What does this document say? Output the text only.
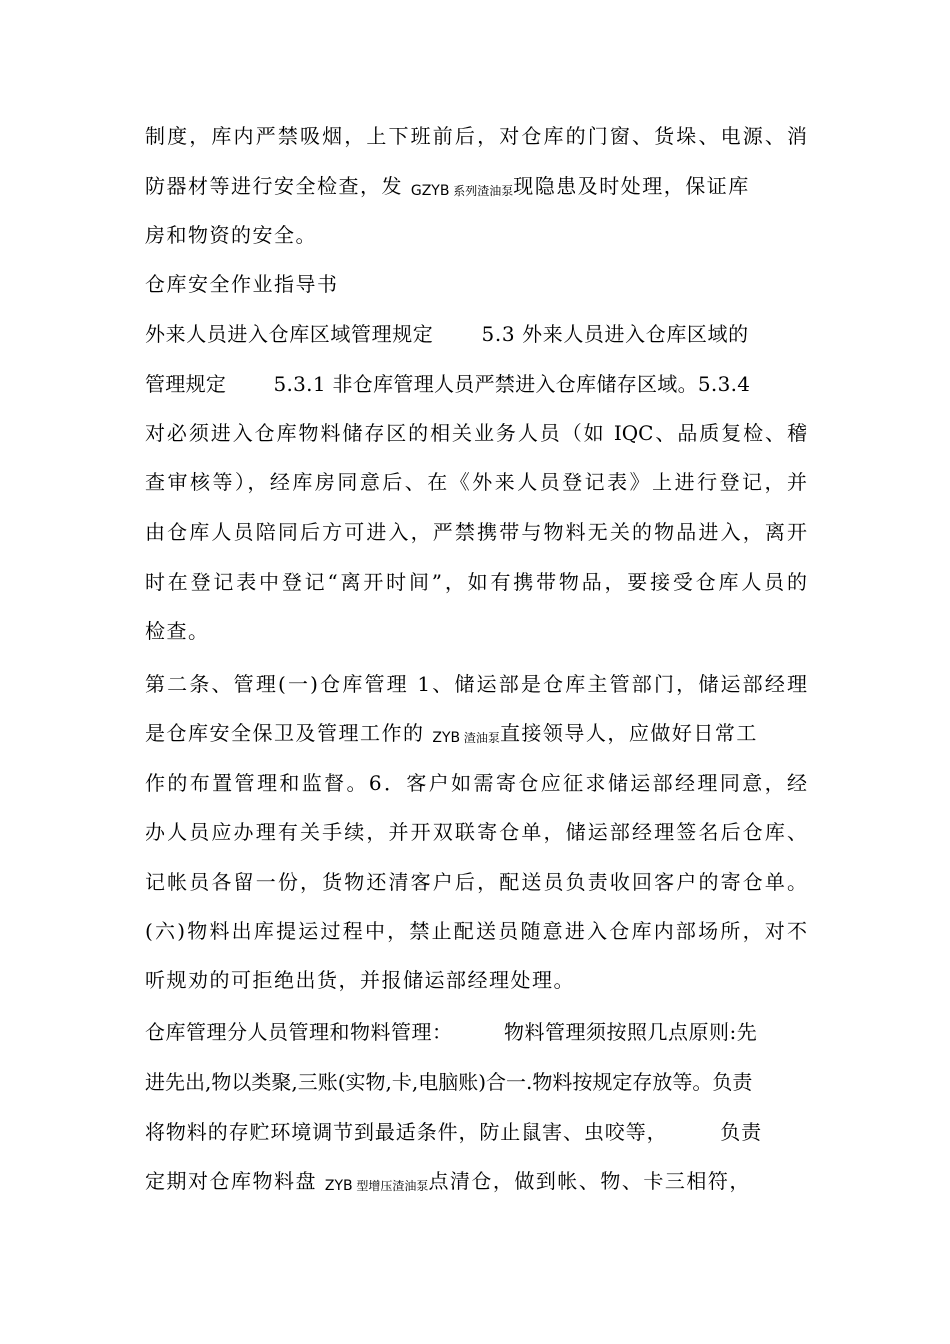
制度，库内严禁吸烟，上下班前后，对仓库的门窗、货垛、电源、消
防器材等进行安全检查，发 GZYB 系列渣油泵现隐患及时处理，保证库
房和物资的安全。
仓库安全作业指导书
外来人员进入仓库区域管理规定　　 5.3 外来人员进入仓库区域的
管理规定　　 5.3.1 非仓库管理人员严禁进入仓库储存区域。5.3.4
对必须进入仓库物料储存区的相关业务人员（如 IQC、品质复检、稽
查审核等），经库房同意后、在《外来人员登记表》上进行登记，并
由仓库人员陪同后方可进入，严禁携带与物料无关的物品进入，离开
时在登记表中登记“离开时间”，如有携带物品，要接受仓库人员的
检查。
第二条、管理(一)仓库管理 1、储运部是仓库主管部门，储运部经理
是仓库安全保卫及管理工作的 ZYB 渣油泵直接领导人，应做好日常工
作的布置管理和监督。6．客户如需寄仓应征求储运部经理同意，经
办人员应办理有关手续，并开双联寄仓单，储运部经理签名后仓库、
记帐员各留一份，货物还清客户后，配送员负责收回客户的寄仓单。
(六)物料出库提运过程中，禁止配送员随意进入仓库内部场所，对不
听规劝的可拒绝出货，并报储运部经理处理。
仓库管理分人员管理和物料管理：　　　物料管理须按照几点原则:先
进先出,物以类聚,三账(实物,卡,电脑账)合一.物料按规定存放等。负责
将物料的存贮环境调节到最适条件，防止鼠害、虫咬等，　　　负责
定期对仓库物料盘 ZYB 型增压渣油泵点清仓，做到帐、物、卡三相符，
